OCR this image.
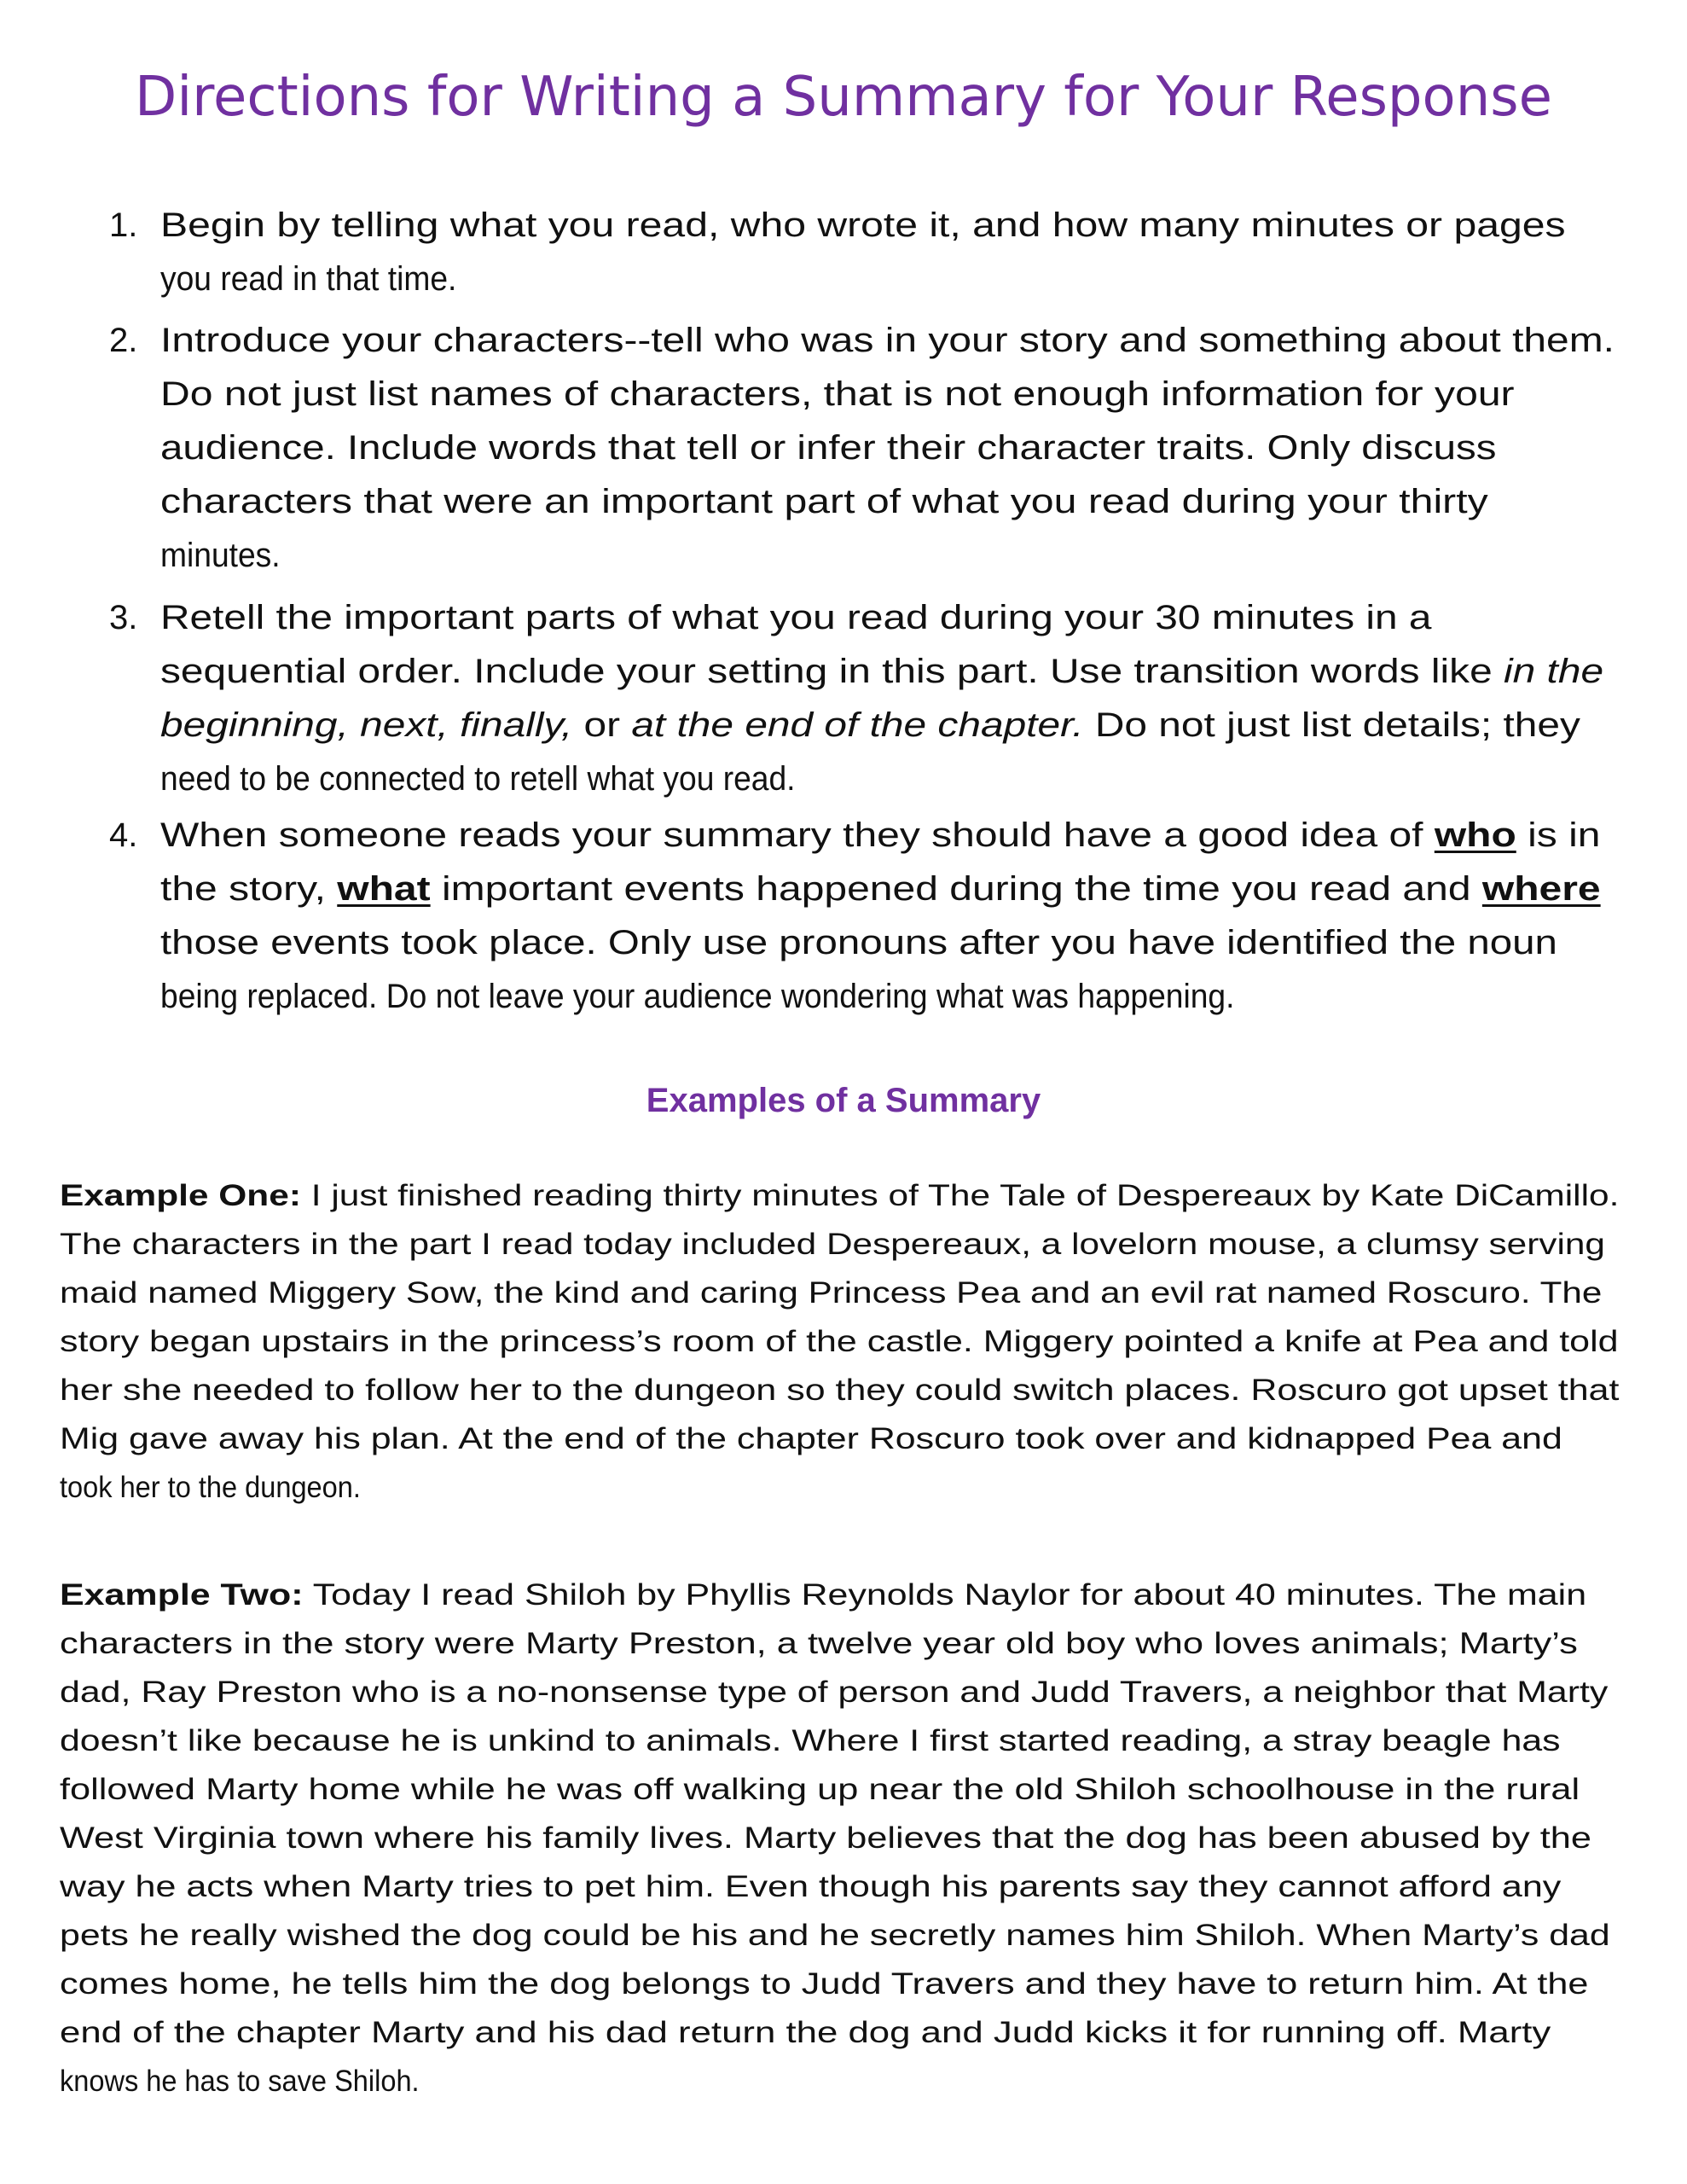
Directions for Writing a Summary for Your Response
1. Begin by telling what you read, who wrote it, and how many minutes or pages
you read in that time.
2. Introduce your characters--tell who was in your story and something about them.
Do not just list names of characters, that is not enough information for your
audience. Include words that tell or infer their character traits. Only discuss
characters that were an important part of what you read during your thirty
minutes.
3. Retell the important parts of what you read during your 30 minutes in a
sequential order. Include your setting in this part. Use transition words like in the
beginning, next, finally, or at the end of the chapter. Do not just list details; they
need to be connected to retell what you read.
4. When someone reads your summary they should have a good idea of who is in
the story, what important events happened during the time you read and where
those events took place. Only use pronouns after you have identified the noun
being replaced. Do not leave your audience wondering what was happening.
Examples of a Summary
Example One: I just finished reading thirty minutes of The Tale of Despereaux by Kate DiCamillo.
The characters in the part I read today included Despereaux, a lovelorn mouse, a clumsy serving
maid named Miggery Sow, the kind and caring Princess Pea and an evil rat named Roscuro. The
story began upstairs in the princess’s room of the castle. Miggery pointed a knife at Pea and told
her she needed to follow her to the dungeon so they could switch places. Roscuro got upset that
Mig gave away his plan. At the end of the chapter Roscuro took over and kidnapped Pea and
took her to the dungeon.
Example Two: Today I read Shiloh by Phyllis Reynolds Naylor for about 40 minutes. The main
characters in the story were Marty Preston, a twelve year old boy who loves animals; Marty’s
dad, Ray Preston who is a no-nonsense type of person and Judd Travers, a neighbor that Marty
doesn’t like because he is unkind to animals. Where I first started reading, a stray beagle has
followed Marty home while he was off walking up near the old Shiloh schoolhouse in the rural
West Virginia town where his family lives. Marty believes that the dog has been abused by the
way he acts when Marty tries to pet him. Even though his parents say they cannot afford any
pets he really wished the dog could be his and he secretly names him Shiloh. When Marty’s dad
comes home, he tells him the dog belongs to Judd Travers and they have to return him. At the
end of the chapter Marty and his dad return the dog and Judd kicks it for running off. Marty
knows he has to save Shiloh.
